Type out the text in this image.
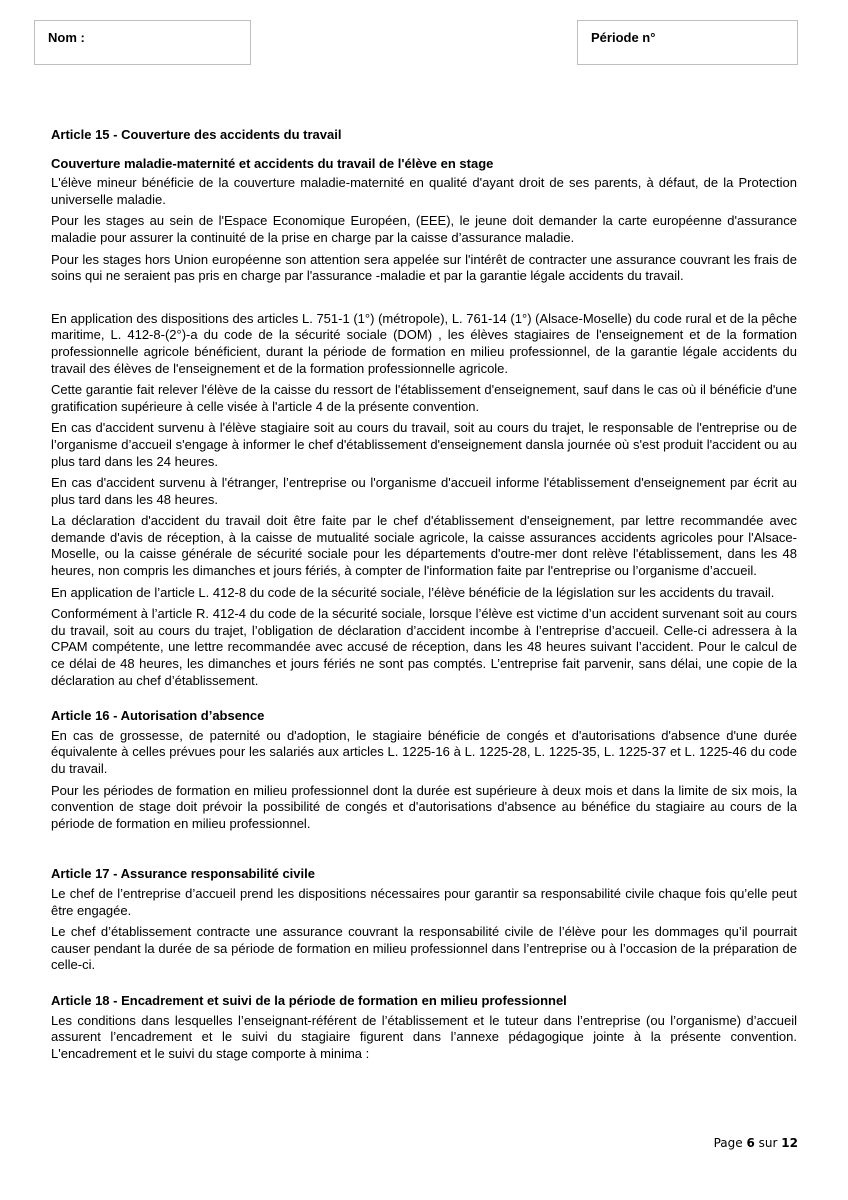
Nom :	Période n°
Article 15 - Couverture des accidents du travail
Couverture maladie-maternité et accidents du travail de l'élève en stage

L'élève mineur bénéficie de la couverture maladie-maternité en qualité d'ayant droit de ses parents, à défaut, de la Protection universelle maladie.

Pour les stages au sein de l'Espace Economique Européen, (EEE), le jeune doit demander la carte européenne d'assurance maladie pour assurer la continuité de la prise en charge par la caisse d’assurance maladie.

Pour les stages hors Union européenne son attention sera appelée sur l'intérêt de contracter une assurance couvrant les frais de soins qui ne seraient pas pris en charge par l'assurance -maladie et par la garantie légale accidents du travail.

En application des dispositions des articles L. 751-1 (1°) (métropole), L. 761-14 (1°) (Alsace-Moselle) du code rural et de la pêche maritime, L. 412-8-(2°)-a du code de la sécurité sociale (DOM) , les élèves stagiaires de l'enseignement et de la formation professionnelle agricole bénéficient, durant la période de formation en milieu professionnel, de la garantie légale accidents du travail des élèves de l'enseignement et de la formation professionnelle agricole.

Cette garantie fait relever l'élève de la caisse du ressort de l'établissement d'enseignement, sauf dans le cas où il bénéficie d'une gratification supérieure à celle visée à l'article 4 de la présente convention.

En cas d'accident survenu à l'élève stagiaire soit au cours du travail, soit au cours du trajet, le responsable de l'entreprise ou de l’organisme d’accueil s'engage à informer le chef d'établissement d'enseignement dansla journée où s'est produit l'accident ou au plus tard dans les 24 heures.

En cas d'accident survenu à l'étranger, l’entreprise ou l'organisme d'accueil informe l'établissement d'enseignement par écrit au plus tard dans les 48 heures.

La déclaration d'accident du travail doit être faite par le chef d'établissement d'enseignement, par lettre recommandée avec demande d'avis de réception, à la caisse de mutualité sociale agricole, la caisse assurances accidents agricoles pour l'Alsace-Moselle, ou la caisse générale de sécurité sociale pour les départements d'outre-mer dont relève l'établissement, dans les 48 heures, non compris les dimanches et jours fériés, à compter de l'information faite par l'entreprise ou l’organisme d’accueil.

En application de l’article L. 412-8 du code de la sécurité sociale, l’élève bénéficie de la législation sur les accidents du travail.

Conformément à l’article R. 412-4 du code de la sécurité sociale, lorsque l’élève est victime d’un accident survenant soit au cours du travail, soit au cours du trajet, l’obligation de déclaration d’accident incombe à l’entreprise d’accueil. Celle-ci adressera à la CPAM compétente, une lettre recommandée avec accusé de réception, dans les 48 heures suivant l’accident. Pour le calcul de ce délai de 48 heures, les dimanches et jours fériés ne sont pas comptés. L’entreprise fait parvenir, sans délai, une copie de la déclaration au chef d’établissement.

Article 16 - Autorisation d’absence

En cas de grossesse, de paternité ou d'adoption, le stagiaire bénéficie de congés et d'autorisations d'absence d'une durée équivalente à celles prévues pour les salariés aux articles L. 1225-16 à L. 1225-28, L. 1225-35, L. 1225-37 et L. 1225-46 du code du travail.

Pour les périodes de formation en milieu professionnel dont la durée est supérieure à deux mois et dans la limite de six mois, la convention de stage doit prévoir la possibilité de congés et d'autorisations d'absence au bénéfice du stagiaire au cours de la période de formation en milieu professionnel.

Article 17 - Assurance responsabilité civile

Le chef de l’entreprise d’accueil prend les dispositions nécessaires pour garantir sa responsabilité civile chaque fois qu’elle peut être engagée.

Le chef d’établissement contracte une assurance couvrant la responsabilité civile de l’élève pour les dommages qu’il pourrait causer pendant la durée de sa période de formation en milieu professionnel dans l’entreprise ou à l’occasion de la préparation de celle-ci.

Article 18 - Encadrement et suivi de la période de formation en milieu professionnel

Les conditions dans lesquelles l’enseignant-référent de l’établissement et le tuteur dans l’entreprise (ou l’organisme) d’accueil assurent l’encadrement et le suivi du stagiaire figurent dans l’annexe pédagogique jointe à la présente convention. L'encadrement et le suivi du stage comporte à minima :

Page 6 sur 12
